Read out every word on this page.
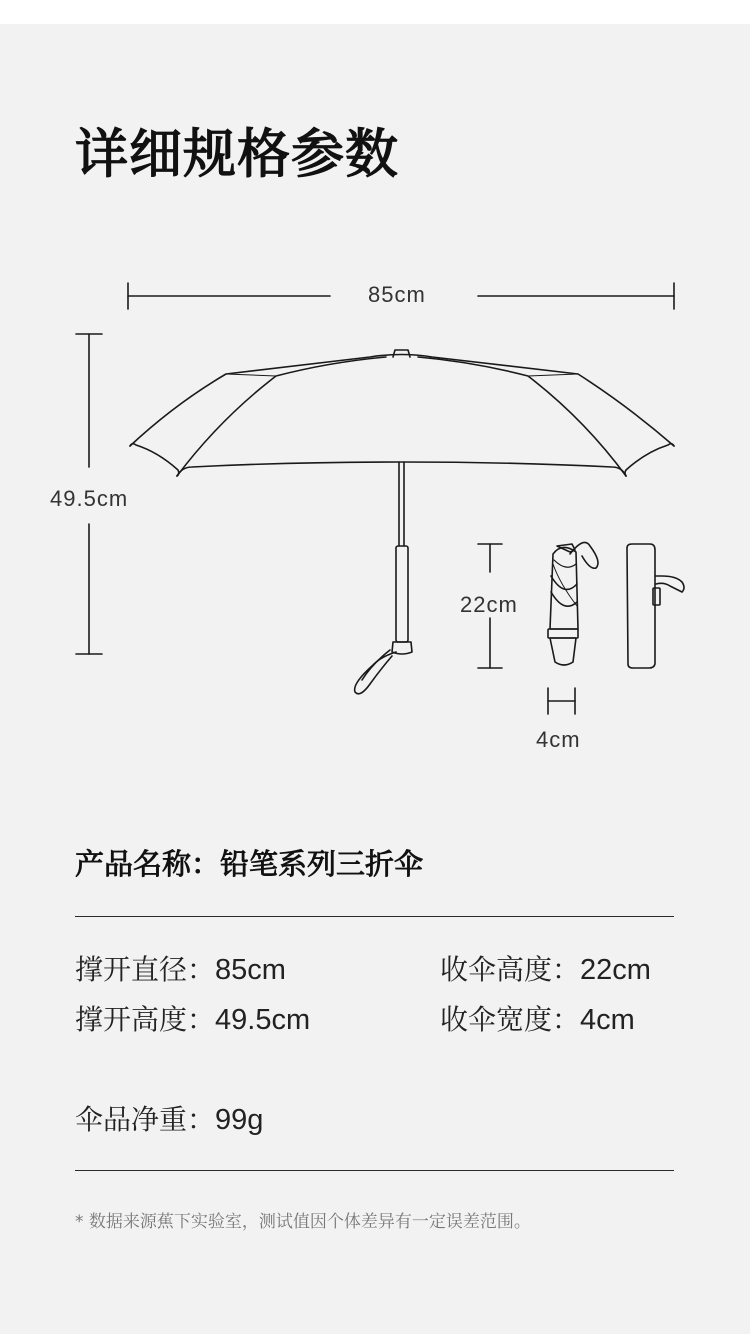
详细规格参数
85cm
49.5cm
22cm
4cm
产品名称：铅笔系列三折伞
撑开直径：85cm	收伞高度：22cm
撑开高度：49.5cm	收伞宽度：4cm
伞品净重：99g
* 数据来源蕉下实验室，测试值因个体差异有一定误差范围。
